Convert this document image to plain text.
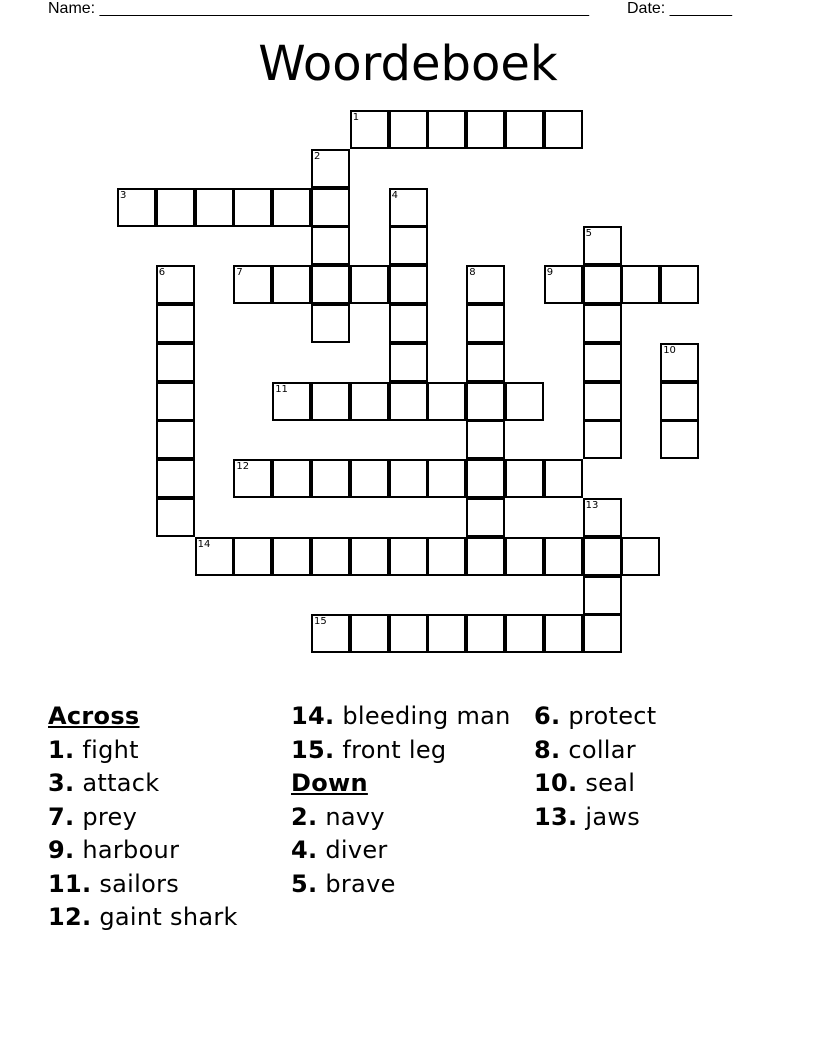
Name: _______________________________________________________ Date: _______
Woordeboek
1
2
3	4
5
6	7	8	9
10
11
12
13
14
15
Across
1. fight
3. attack
7. prey
9. harbour
11. sailors
12. gaint shark
14. bleeding man
15. front leg
Down
2. navy
4. diver
5. brave
6. protect
8. collar
10. seal
13. jaws
